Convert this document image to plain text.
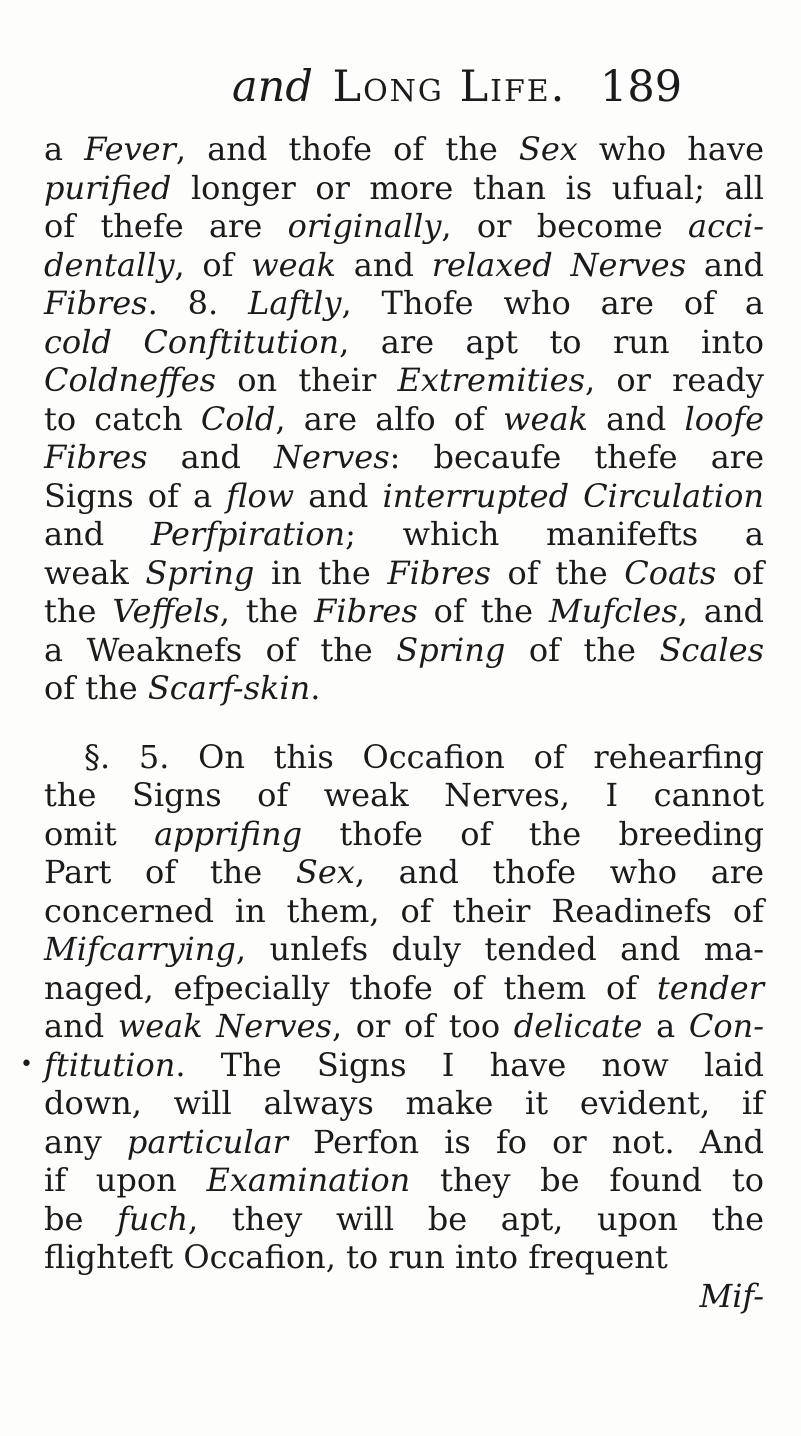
and Long Life. 189
•
a Fever, and thofe of the Sex who have
purified longer or more than is ufual; all
of thefe are originally, or become acci-
dentally, of weak and relaxed Nerves and
Fibres. 8. Laftly, Thofe who are of a
cold Conftitution, are apt to run into
Coldneffes on their Extremities, or ready
to catch Cold, are alfo of weak and loofe
Fibres and Nerves: becaufe thefe are
Signs of a flow and interrupted Circulation
and Perfpiration; which manifefts a
weak Spring in the Fibres of the Coats of
the Veffels, the Fibres of the Mufcles, and
a Weaknefs of the Spring of the Scales
of the Scarf-skin.
§. 5. On this Occafion of rehearfing
the Signs of weak Nerves, I cannot
omit apprifing thofe of the breeding
Part of the Sex, and thofe who are
concerned in them, of their Readinefs of
Mifcarrying, unlefs duly tended and ma-
naged, efpecially thofe of them of tender
and weak Nerves, or of too delicate a Con-
ftitution. The Signs I have now laid
down, will always make it evident, if
any particular Perfon is fo or not. And
if upon Examination they be found to
be fuch, they will be apt, upon the
flighteft Occafion, to run into frequent
Mif-
